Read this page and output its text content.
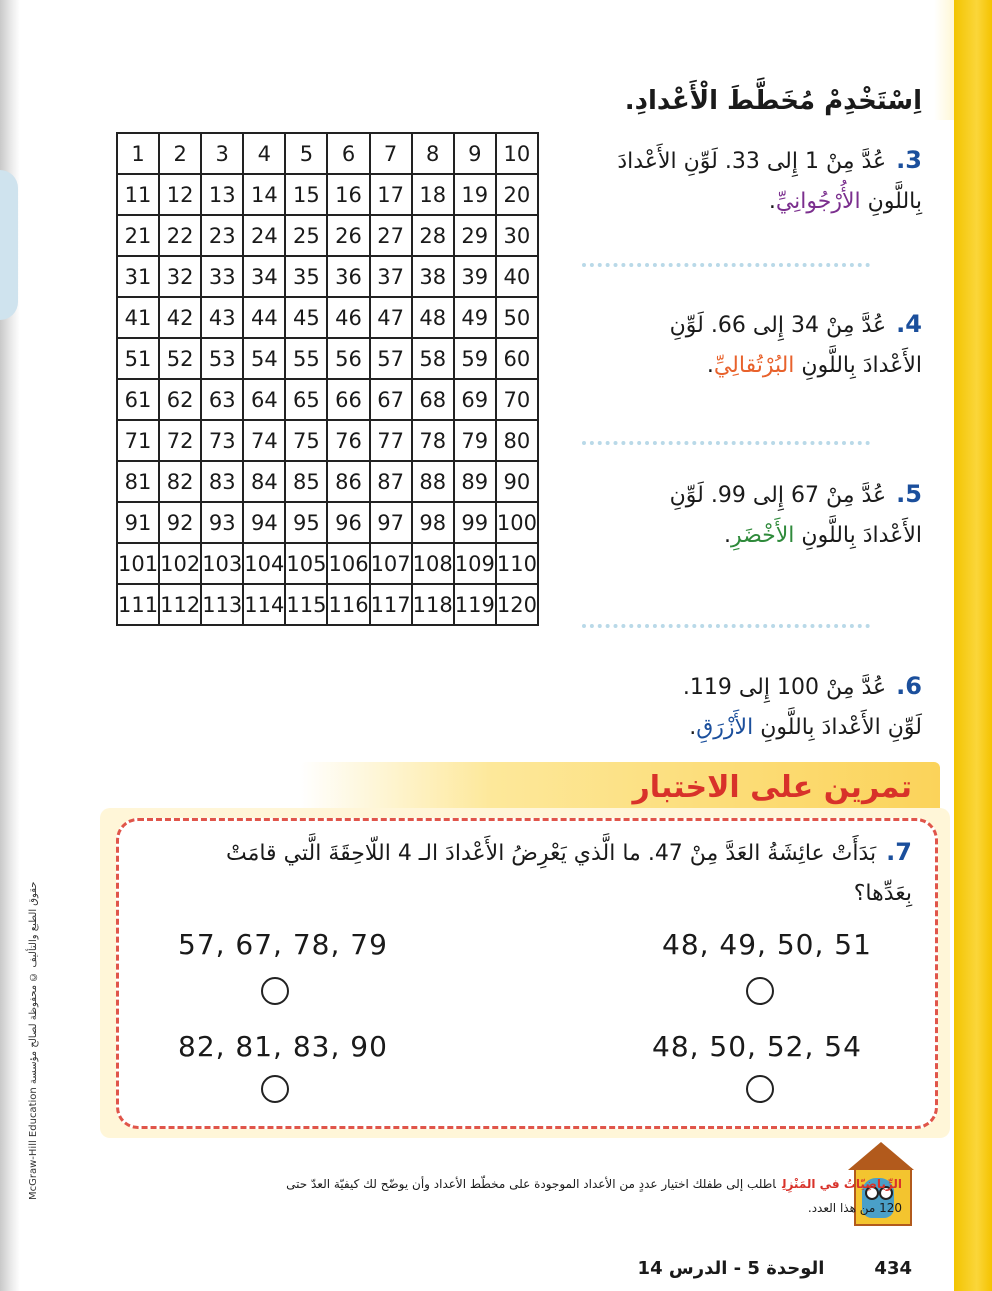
اِسْتَخْدِمْ مُخَطَّطَ الْأَعْدادِ.
1	2	3	4	5	6	7	8	9	10
11	12	13	14	15	16	17	18	19	20
21	22	23	24	25	26	27	28	29	30
31	32	33	34	35	36	37	38	39	40
41	42	43	44	45	46	47	48	49	50
51	52	53	54	55	56	57	58	59	60
61	62	63	64	65	66	67	68	69	70
71	72	73	74	75	76	77	78	79	80
81	82	83	84	85	86	87	88	89	90
91	92	93	94	95	96	97	98	99	100
101	102	103	104	105	106	107	108	109	110
111	112	113	114	115	116	117	118	119	120
3.عُدَّ مِنْ 1 إِلى 33. لَوِّنِ الأَعْدادَ
بِاللَّونِ الأُرْجُوانِيِّ.
4.عُدَّ مِنْ 34 إِلى 66. لَوِّنِ
الأَعْدادَ بِاللَّونِ البُرْتُقالِيِّ.
5.عُدَّ مِنْ 67 إِلى 99. لَوِّنِ
الأَعْدادَ بِاللَّونِ الأَخْضَرِ.
6.عُدَّ مِنْ 100 إِلى 119.
لَوِّنِ الأَعْدادَ بِاللَّونِ الأَزْرَقِ.
تمرين على الاختبار
7.بَدَأَتْ عائِشَةُ العَدَّ مِنْ 47. ما الَّذي يَعْرِضُ الأَعْدادَ الـ 4 اللّاحِقَةَ الَّتي قامَتْ بِعَدِّها؟
48, 49, 50, 51
57, 67, 78, 79
48, 50, 52, 54
82, 81, 83, 90
الرِّياضِيّاتُ في المَنْزِلِاطلب إلى طفلك اختيار عددٍ من الأعداد الموجودة على مخطّط الأعداد وأن يوضّح لك كيفيّة العدّ حتى 120 من هذا العدد.
434الوحدة 5 - الدرس 14
McGraw-Hill Education حقوق الطبع والتأليف © محفوظة لصالح مؤسسة
